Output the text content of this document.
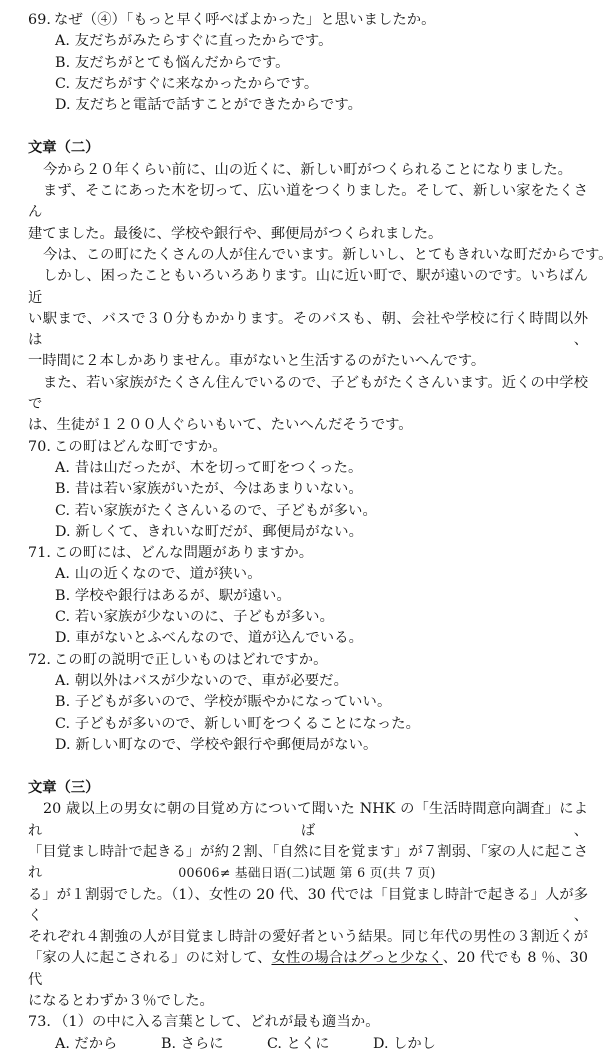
69. なぜ（④）「もっと早く呼べばよかった」と思いましたか。
A. 友だちがみたらすぐに直ったからです。
B. 友だちがとても悩んだからです。
C. 友だちがすぐに来なかったからです。
D. 友だちと電話で話すことができたからです。
文章（二）
今から２０年くらい前に、山の近くに、新しい町がつくられることになりました。
まず、そこにあった木を切って、広い道をつくりました。そして、新しい家をたくさん
建てました。最後に、学校や銀行や、郵便局がつくられました。
今は、この町にたくさんの人が住んでいます。新しいし、とてもきれいな町だからです。
しかし、困ったこともいろいろあります。山に近い町で、駅が遠いのです。いちばん近
い駅まで、バスで３０分もかかります。そのバスも、朝、会社や学校に行く時間以外は、
一時間に２本しかありません。車がないと生活するのがたいへんです。
また、若い家族がたくさん住んでいるので、子どもがたくさんいます。近くの中学校で
は、生徒が１２００人ぐらいもいて、たいへんだそうです。
70. この町はどんな町ですか。
A. 昔は山だったが、木を切って町をつくった。
B. 昔は若い家族がいたが、今はあまりいない。
C. 若い家族がたくさんいるので、子どもが多い。
D. 新しくて、きれいな町だが、郵便局がない。
71. この町には、どんな問題がありますか。
A. 山の近くなので、道が狭い。
B. 学校や銀行はあるが、駅が遠い。
C. 若い家族が少ないのに、子どもが多い。
D. 車がないとふべんなので、道が込んでいる。
72. この町の説明で正しいものはどれですか。
A. 朝以外はバスが少ないので、車が必要だ。
B. 子どもが多いので、学校が賑やかになっていい。
C. 子どもが多いので、新しい町をつくることになった。
D. 新しい町なので、学校や銀行や郵便局がない。
文章（三）
20 歳以上の男女に朝の目覚め方について聞いた NHK の「生活時間意向調査」によれば、
「目覚まし時計で起きる」が約２割、「自然に目を覚ます」が７割弱、「家の人に起こされ
る」が１割弱でした。（1）、女性の 20 代、30 代では「目覚まし時計で起きる」人が多く、
それぞれ４割強の人が目覚まし時計の愛好者という結果。同じ年代の男性の３割近くが
「家の人に起こされる」のに対して、女性の場合はグっと少なく、20 代でも 8 ％、30 代
になるとわずか３％でした。
73. （1）の中に入る言葉として、どれが最も適当か。
A. だから	B. さらに	C. とくに	D. しかし
00606≠ 基础日语(二)试题 第 6 页(共 7 页)
